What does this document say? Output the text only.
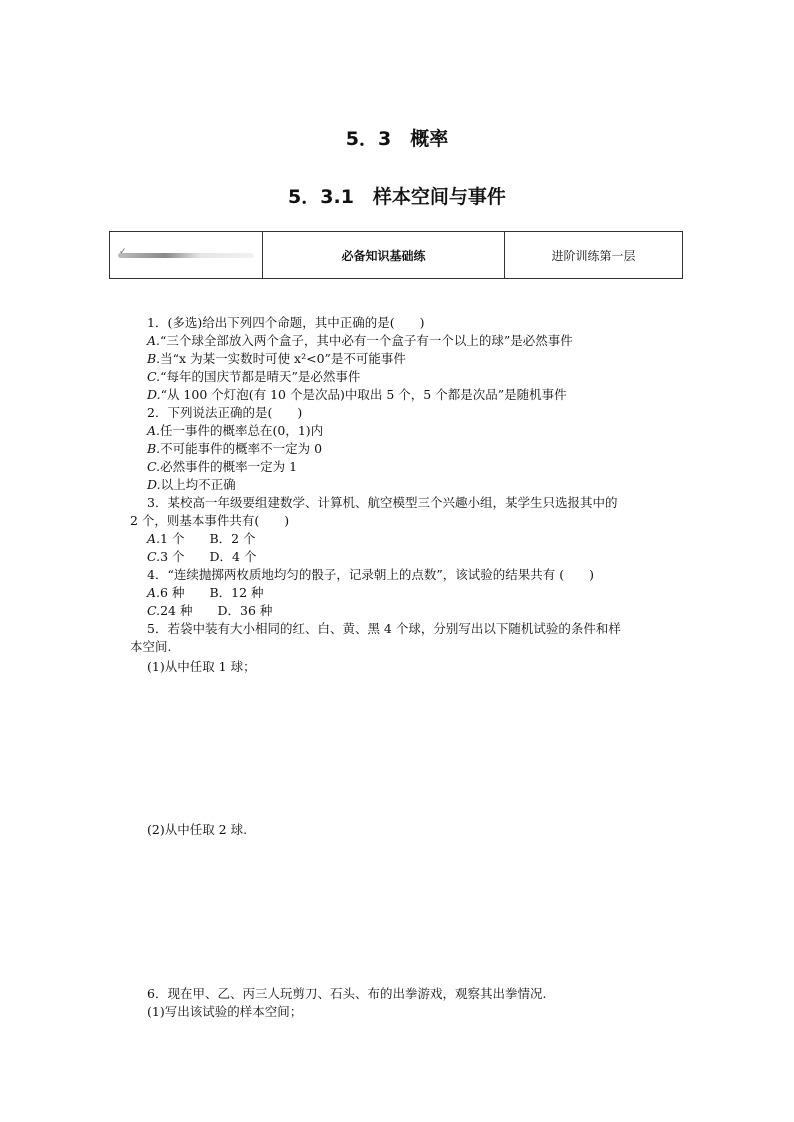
5．3　概率
5．3.1　样本空间与事件
✓	必备知识基础练	进阶训练第一层
1．(多选)给出下列四个命题，其中正确的是(　　)
A.“三个球全部放入两个盒子，其中必有一个盒子有一个以上的球”是必然事件
B.当“x 为某一实数时可使 x²<0”是不可能事件
C.“每年的国庆节都是晴天”是必然事件
D.“从 100 个灯泡(有 10 个是次品)中取出 5 个，5 个都是次品”是随机事件
2．下列说法正确的是(　　)
A.任一事件的概率总在(0，1)内
B.不可能事件的概率不一定为 0
C.必然事件的概率一定为 1
D.以上均不正确
3．某校高一年级要组建数学、计算机、航空模型三个兴趣小组，某学生只选报其中的
2 个，则基本事件共有(　　)
A.1 个　　B．2 个
C.3 个　　D．4 个
4．“连续抛掷两枚质地均匀的骰子，记录朝上的点数”，该试验的结果共有 (　　)
A.6 种　　B．12 种
C.24 种　　D．36 种
5．若袋中装有大小相同的红、白、黄、黑 4 个球，分别写出以下随机试验的条件和样
本空间.
(1)从中任取 1 球；
(2)从中任取 2 球.
6．现在甲、乙、丙三人玩剪刀、石头、布的出拳游戏，观察其出拳情况.
(1)写出该试验的样本空间；
